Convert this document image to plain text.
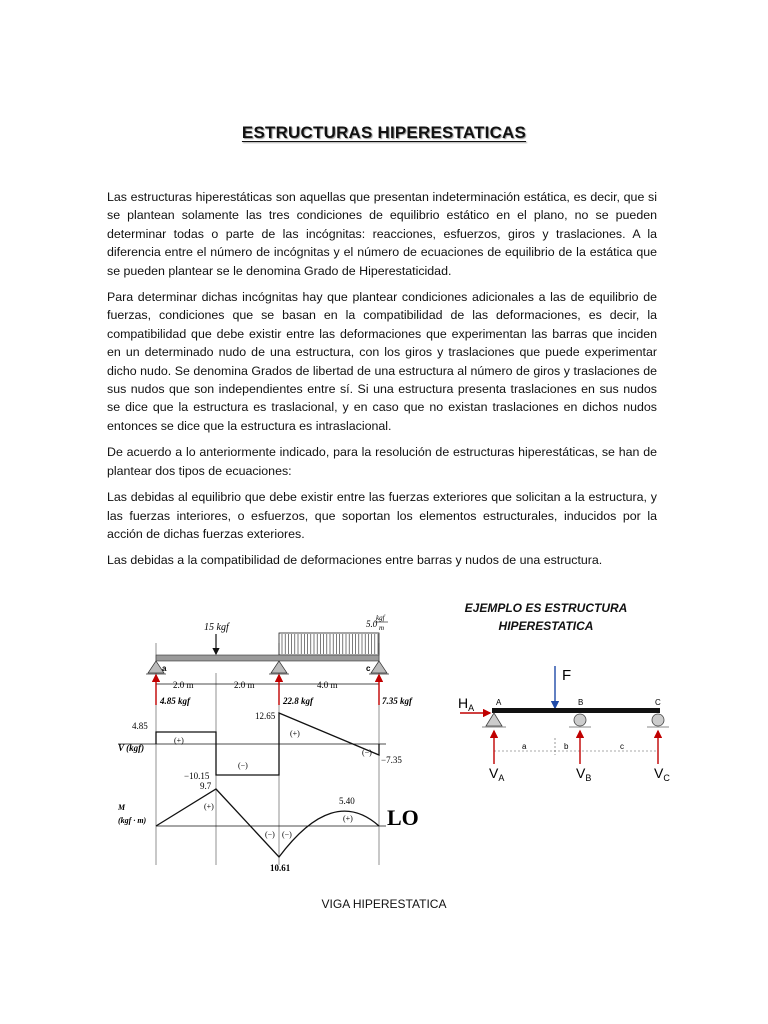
ESTRUCTURAS HIPERESTATICAS

Las estructuras hiperestáticas son aquellas que presentan indeterminación estática, es decir, que si se plantean solamente las tres condiciones de equilibrio estático en el plano, no se pueden determinar todas o parte de las incógnitas: reacciones, esfuerzos, giros y traslaciones. A la diferencia entre el número de incógnitas y el número de ecuaciones de equilibrio de la estática que se pueden plantear se le denomina Grado de Hiperestaticidad.

Para determinar dichas incógnitas hay que plantear condiciones adicionales a las de equilibrio de fuerzas, condiciones que se basan en la compatibilidad de las deformaciones, es decir, la compatibilidad que debe existir entre las deformaciones que experimentan las barras que inciden en un determinado nudo de una estructura, con los giros y traslaciones que puede experimentar dicho nudo. Se denomina Grados de libertad de una estructura al número de giros y traslaciones de sus nudos que son independientes entre sí. Si una estructura presenta traslaciones en sus nudos se dice que la estructura es traslacional, y en caso que no existan traslaciones en dichos nudos entonces se dice que la estructura es intraslacional.

De acuerdo a lo anteriormente indicado, para la resolución de estructuras hiperestáticas, se han de plantear dos tipos de ecuaciones:

Las debidas al equilibrio que debe existir entre las fuerzas exteriores que solicitan a la estructura, y las fuerzas interiores, o esfuerzos, que soportan los elementos estructurales, inducidos por la acción de dichas fuerzas exteriores.

Las debidas a la compatibilidad de deformaciones entre barras y nudos de una estructura.

5.0
kgf
m
15 kgf
a	c
2.0 m	2.0 m	4.0 m
4.85 kgf	22.8 kgf	7.35 kgf
V (kgf)
4.85
−10.15
12.65
−7.35
(+)
(−)
(+)
(−)
M
(kgf · m)
9.7
10.61
5.40
(+)
(−) (−)
(+) LO
EJEMPLO ES ESTRUCTURA
HIPERESTATICA
F
$H_A$
A	B	C
a	b	c
$V_A$	$V_B$	$V_C$
VIGA HIPERESTATICA
